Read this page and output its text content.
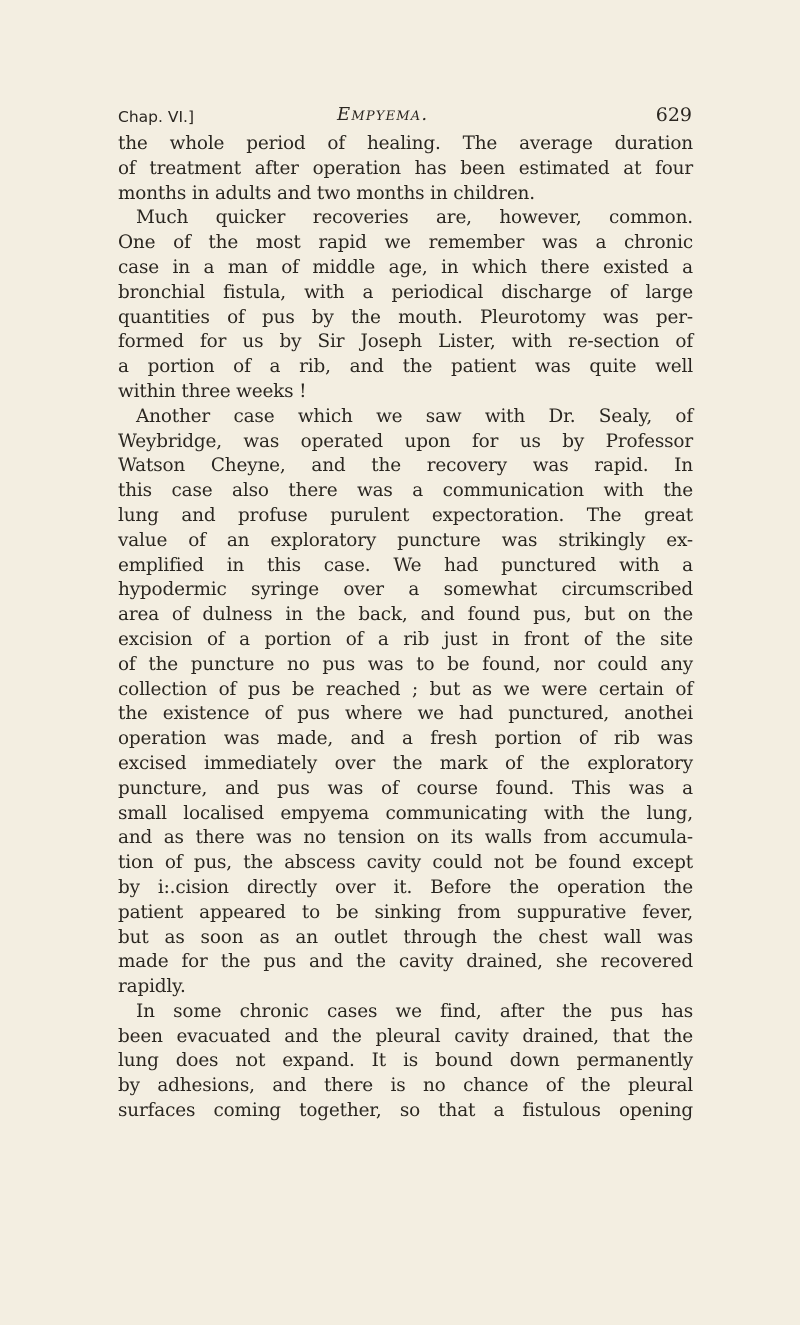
Chap. VI.]	Empyema.	629
the whole period of healing. The average duration
of treatment after operation has been estimated at four
months in adults and two months in children.
Much quicker recoveries are, however, common.
One of the most rapid we remember was a chronic
case in a man of middle age, in which there existed a
bronchial fistula, with a periodical discharge of large
quantities of pus by the mouth. Pleurotomy was per-
formed for us by Sir Joseph Lister, with re-section of
a portion of a rib, and the patient was quite well
within three weeks !
Another case which we saw with Dr. Sealy, of
Weybridge, was operated upon for us by Professor
Watson Cheyne, and the recovery was rapid. In
this case also there was a communication with the
lung and profuse purulent expectoration. The great
value of an exploratory puncture was strikingly ex-
emplified in this case. We had punctured with a
hypodermic syringe over a somewhat circumscribed
area of dulness in the back, and found pus, but on the
excision of a portion of a rib just in front of the site
of the puncture no pus was to be found, nor could any
collection of pus be reached ; but as we were certain of
the existence of pus where we had punctured, anothei
operation was made, and a fresh portion of rib was
excised immediately over the mark of the exploratory
puncture, and pus was of course found. This was a
small localised empyema communicating with the lung,
and as there was no tension on its walls from accumula-
tion of pus, the abscess cavity could not be found except
by i:.cision directly over it. Before the operation the
patient appeared to be sinking from suppurative fever,
but as soon as an outlet through the chest wall was
made for the pus and the cavity drained, she recovered
rapidly.
In some chronic cases we find, after the pus has
been evacuated and the pleural cavity drained, that the
lung does not expand. It is bound down permanently
by adhesions, and there is no chance of the pleural
surfaces coming together, so that a fistulous opening
